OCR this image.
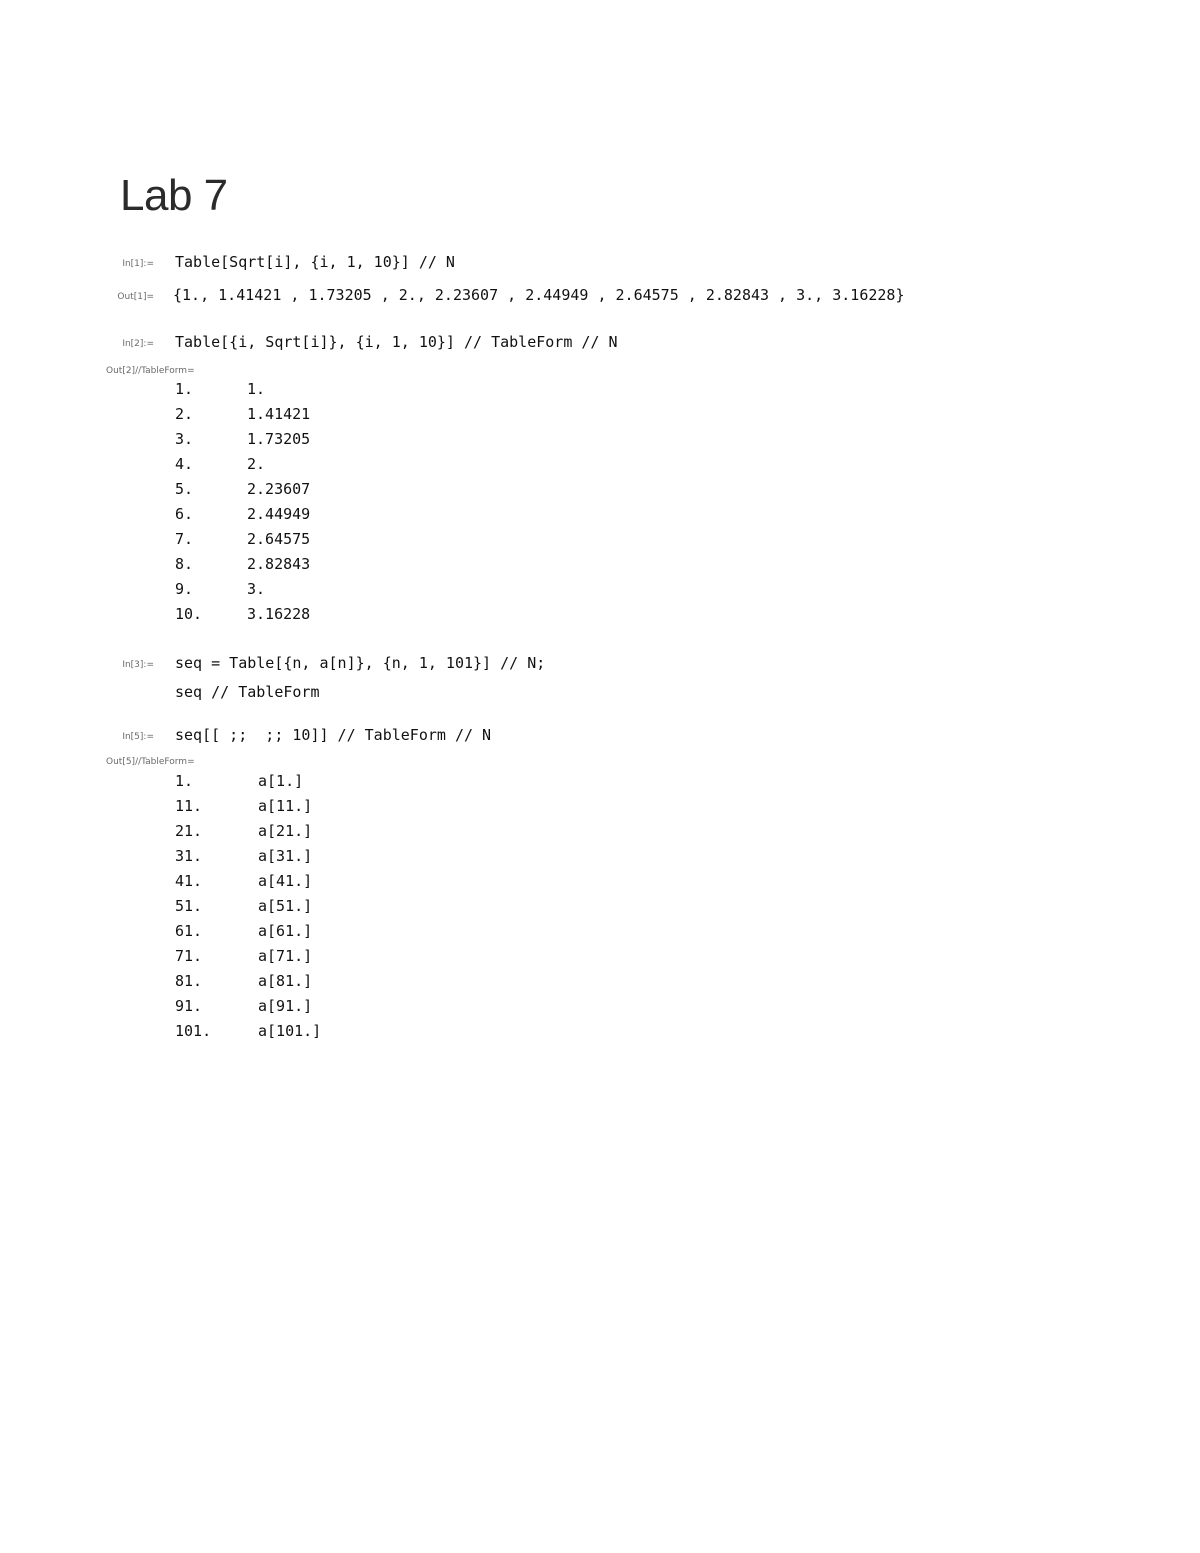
Lab 7
In[1]:= Table[Sqrt[i], {i, 1, 10}] // N
Out[1]= {1., 1.41421 , 1.73205 , 2., 2.23607 , 2.44949 , 2.64575 , 2.82843 , 3., 3.16228}
In[2]:= Table[{i, Sqrt[i]}, {i, 1, 10}] // TableForm // N
Out[2]//TableForm=
1.	1.
2.	1.41421
3.	1.73205
4.	2.
5.	2.23607
6.	2.44949
7.	2.64575
8.	2.82843
9.	3.
10.	3.16228
In[3]:= seq = Table[{n, a[n]}, {n, 1, 101}] // N;
seq // TableForm
In[5]:= seq[[ ;;  ;; 10]] // TableForm // N
Out[5]//TableForm=
1.	a[1.]
11.	a[11.]
21.	a[21.]
31.	a[31.]
41.	a[41.]
51.	a[51.]
61.	a[61.]
71.	a[71.]
81.	a[81.]
91.	a[91.]
101.	a[101.]
